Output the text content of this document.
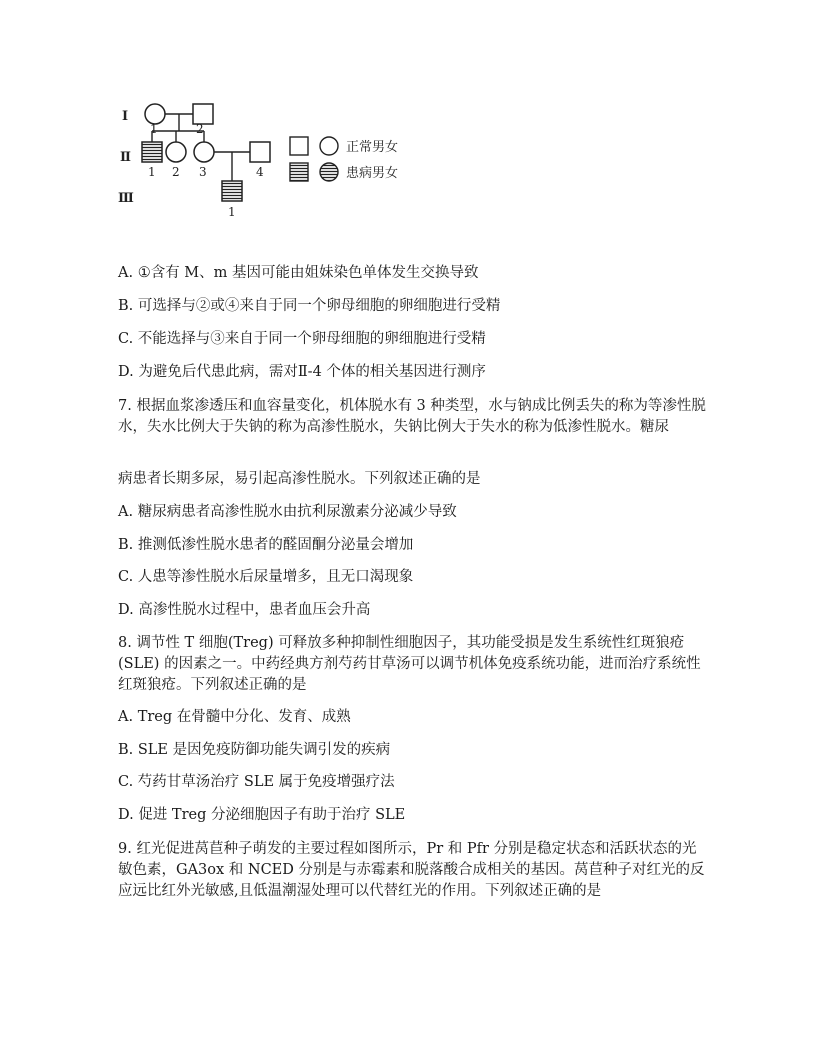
Ⅰ
Ⅱ
Ⅲ
1	2
1 2 3	4
1
正常男女
患病男女

A. ①含有 M、m 基因可能由姐妹染色单体发生交换导致

B. 可选择与②或④来自于同一个卵母细胞的卵细胞进行受精

C. 不能选择与③来自于同一个卵母细胞的卵细胞进行受精

D. 为避免后代患此病，需对Ⅱ-4 个体的相关基因进行测序

7. 根据血浆渗透压和血容量变化，机体脱水有 3 种类型，水与钠成比例丢失的称为等渗性脱水，失水比例大于失钠的称为高渗性脱水，失钠比例大于失水的称为低渗性脱水。糖尿

病患者长期多尿，易引起高渗性脱水。下列叙述正确的是

A. 糖尿病患者高渗性脱水由抗利尿激素分泌减少导致

B. 推测低渗性脱水患者的醛固酮分泌量会增加

C. 人患等渗性脱水后尿量增多，且无口渴现象

D. 高渗性脱水过程中，患者血压会升高

8. 调节性 T 细胞(Treg) 可释放多种抑制性细胞因子，其功能受损是发生系统性红斑狼疮 (SLE) 的因素之一。中药经典方剂芍药甘草汤可以调节机体免疫系统功能，进而治疗系统性红斑狼疮。下列叙述正确的是

A. Treg 在骨髓中分化、发育、成熟

B. SLE 是因免疫防御功能失调引发的疾病

C. 芍药甘草汤治疗 SLE 属于免疫增强疗法

D. 促进 Treg 分泌细胞因子有助于治疗 SLE

9. 红光促进莴苣种子萌发的主要过程如图所示，Pr 和 Pfr 分别是稳定状态和活跃状态的光敏色素，GA3ox 和 NCED 分别是与赤霉素和脱落酸合成相关的基因。莴苣种子对红光的反应远比红外光敏感,且低温潮湿处理可以代替红光的作用。下列叙述正确的是
